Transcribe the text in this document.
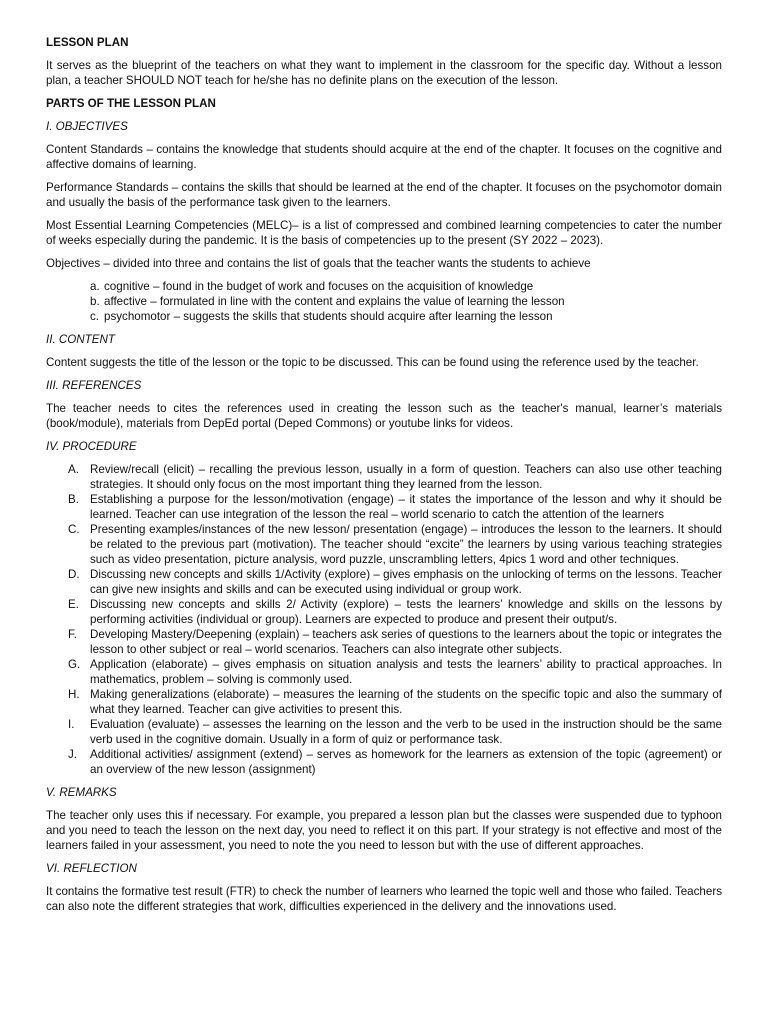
LESSON PLAN

It serves as the blueprint of the teachers on what they want to implement in the classroom for the specific day. Without a lesson plan, a teacher SHOULD NOT teach for he/she has no definite plans on the execution of the lesson.

PARTS OF THE LESSON PLAN
I. OBJECTIVES

Content Standards – contains the knowledge that students should acquire at the end of the chapter. It focuses on the cognitive and affective domains of learning.

Performance Standards – contains the skills that should be learned at the end of the chapter. It focuses on the psychomotor domain and usually the basis of the performance task given to the learners.

Most Essential Learning Competencies (MELC)– is a list of compressed and combined learning competencies to cater the number of weeks especially during the pandemic. It is the basis of competencies up to the present (SY 2022 – 2023).

Objectives – divided into three and contains the list of goals that the teacher wants the students to achieve

a. cognitive – found in the budget of work and focuses on the acquisition of knowledge
b. affective – formulated in line with the content and explains the value of learning the lesson
c. psychomotor – suggests the skills that students should acquire after learning the lesson
II. CONTENT

Content suggests the title of the lesson or the topic to be discussed. This can be found using the reference used by the teacher.

III. REFERENCES

The teacher needs to cites the references used in creating the lesson such as the teacher's manual, learner’s materials (book/module), materials from DepEd portal (Deped Commons) or youtube links for videos.

IV. PROCEDURE
A. Review/recall (elicit) – recalling the previous lesson, usually in a form of question. Teachers can also use other teaching strategies. It should only focus on the most important thing they learned from the lesson.
B. Establishing a purpose for the lesson/motivation (engage) – it states the importance of the lesson and why it should be learned. Teacher can use integration of the lesson the real – world scenario to catch the attention of the learners
C. Presenting examples/instances of the new lesson/ presentation (engage) – introduces the lesson to the learners. It should be related to the previous part (motivation). The teacher should “excite” the learners by using various teaching strategies such as video presentation, picture analysis, word puzzle, unscrambling letters, 4pics 1 word and other techniques.
D. Discussing new concepts and skills 1/Activity (explore) – gives emphasis on the unlocking of terms on the lessons. Teacher can give new insights and skills and can be executed using individual or group work.
E. Discussing new concepts and skills 2/ Activity (explore) – tests the learners’ knowledge and skills on the lessons by performing activities (individual or group). Learners are expected to produce and present their output/s.
F. Developing Mastery/Deepening (explain) – teachers ask series of questions to the learners about the topic or integrates the lesson to other subject or real – world scenarios. Teachers can also integrate other subjects.
G. Application (elaborate) – gives emphasis on situation analysis and tests the learners’ ability to practical approaches. In mathematics, problem – solving is commonly used.
H. Making generalizations (elaborate) – measures the learning of the students on the specific topic and also the summary of what they learned. Teacher can give activities to present this.
I. Evaluation (evaluate) – assesses the learning on the lesson and the verb to be used in the instruction should be the same verb used in the cognitive domain. Usually in a form of quiz or performance task.
J. Additional activities/ assignment (extend) – serves as homework for the learners as extension of the topic (agreement) or an overview of the new lesson (assignment)
V. REMARKS

The teacher only uses this if necessary. For example, you prepared a lesson plan but the classes were suspended due to typhoon and you need to teach the lesson on the next day, you need to reflect it on this part. If your strategy is not effective and most of the learners failed in your assessment, you need to note the you need to lesson but with the use of different approaches.

VI. REFLECTION

It contains the formative test result (FTR) to check the number of learners who learned the topic well and those who failed. Teachers can also note the different strategies that work, difficulties experienced in the delivery and the innovations used.
